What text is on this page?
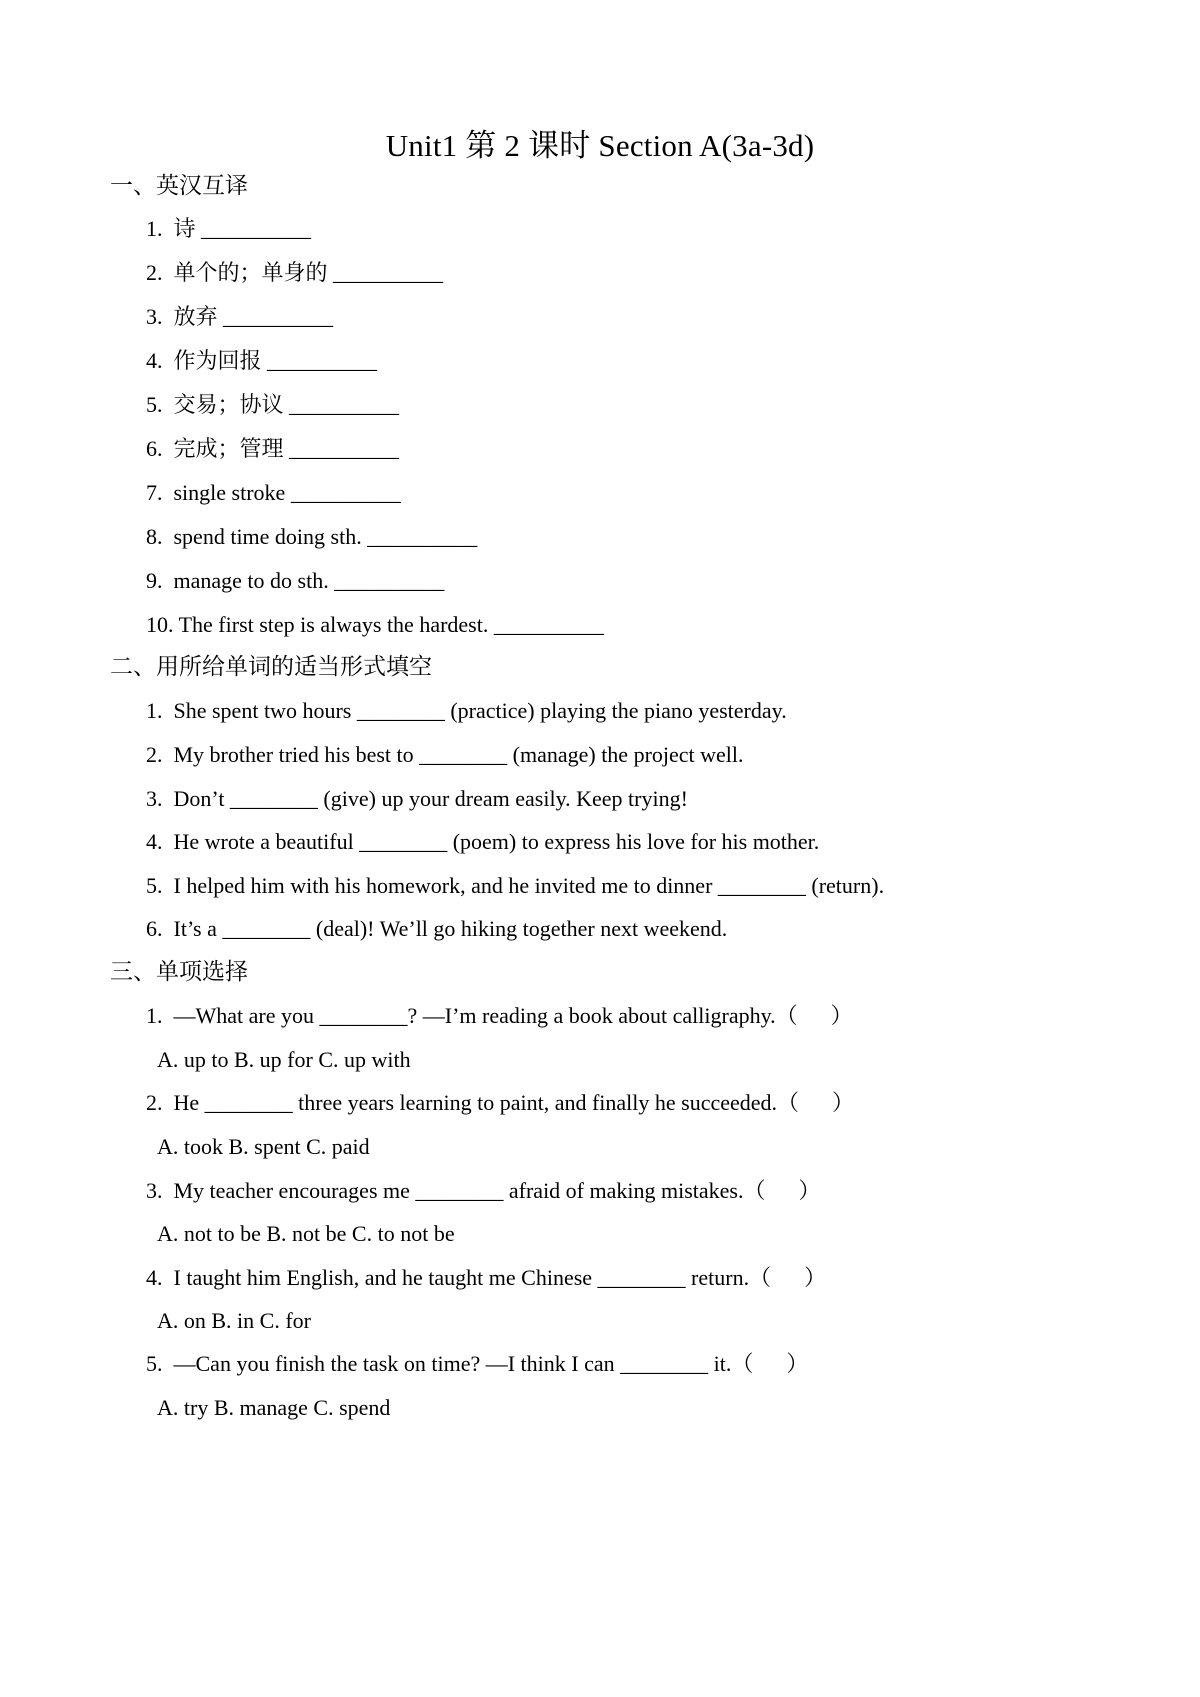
Unit1 第 2 课时 Section A(3a-3d)
一、英汉互译
1.  诗 __________
2.  单个的；单身的 __________
3.  放弃 __________
4.  作为回报 __________
5.  交易；协议 __________
6.  完成；管理 __________
7.  single stroke __________
8.  spend time doing sth. __________
9.  manage to do sth. __________
10. The first step is always the hardest. __________
二、用所给单词的适当形式填空
1.  She spent two hours ________ (practice) playing the piano yesterday.
2.  My brother tried his best to ________ (manage) the project well.
3.  Don’t ________ (give) up your dream easily. Keep trying!
4.  He wrote a beautiful ________ (poem) to express his love for his mother.
5.  I helped him with his homework, and he invited me to dinner ________ (return).
6.  It’s a ________ (deal)! We’ll go hiking together next weekend.
三、单项选择
1.  —What are you ________? —I’m reading a book about calligraphy.（      ）
A. up to B. up for C. up with
2.  He ________ three years learning to paint, and finally he succeeded.（      ）
A. took B. spent C. paid
3.  My teacher encourages me ________ afraid of making mistakes.（      ）
A. not to be B. not be C. to not be
4.  I taught him English, and he taught me Chinese ________ return.（      ）
A. on B. in C. for
5.  —Can you finish the task on time? —I think I can ________ it.（      ）
A. try B. manage C. spend
